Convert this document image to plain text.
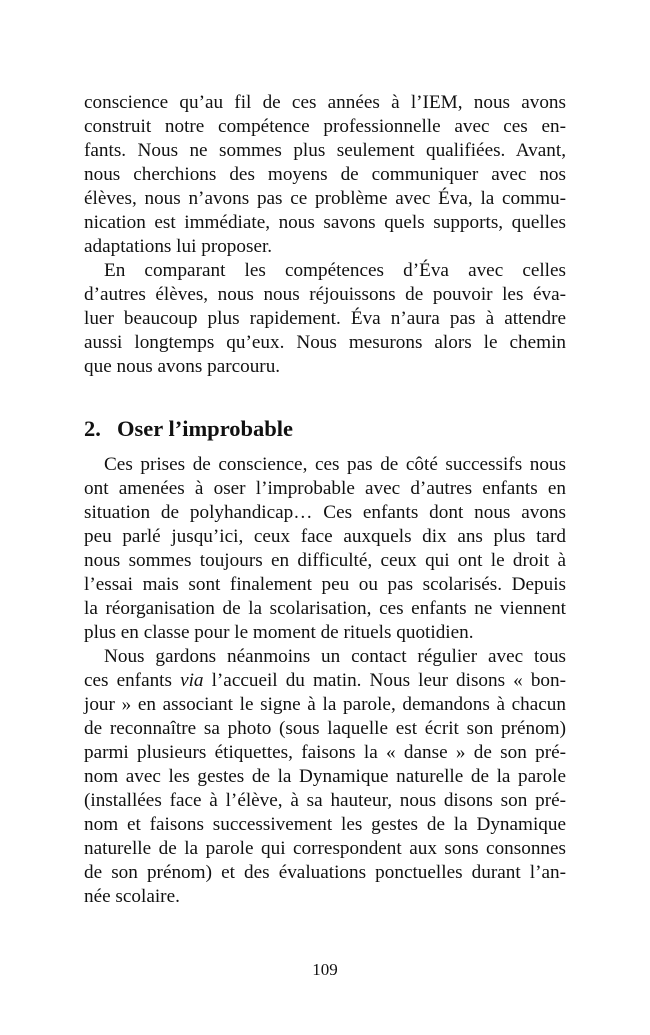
conscience qu’au fil de ces années à l’IEM, nous avons
construit notre compétence professionnelle avec ces en-
fants. Nous ne sommes plus seulement qualifiées. Avant,
nous cherchions des moyens de communiquer avec nos
élèves, nous n’avons pas ce problème avec Éva, la commu-
nication est immédiate, nous savons quels supports, quelles
adaptations lui proposer.
En comparant les compétences d’Éva avec celles
d’autres élèves, nous nous réjouissons de pouvoir les éva-
luer beaucoup plus rapidement. Éva n’aura pas à attendre
aussi longtemps qu’eux. Nous mesurons alors le chemin
que nous avons parcouru.
2. Oser l’improbable
Ces prises de conscience, ces pas de côté successifs nous
ont amenées à oser l’improbable avec d’autres enfants en
situation de polyhandicap… Ces enfants dont nous avons
peu parlé jusqu’ici, ceux face auxquels dix ans plus tard
nous sommes toujours en difficulté, ceux qui ont le droit à
l’essai mais sont finalement peu ou pas scolarisés. Depuis
la réorganisation de la scolarisation, ces enfants ne viennent
plus en classe pour le moment de rituels quotidien.
Nous gardons néanmoins un contact régulier avec tous
ces enfants via l’accueil du matin. Nous leur disons « bon-
jour » en associant le signe à la parole, demandons à chacun
de reconnaître sa photo (sous laquelle est écrit son prénom)
parmi plusieurs étiquettes, faisons la « danse » de son pré-
nom avec les gestes de la Dynamique naturelle de la parole
(installées face à l’élève, à sa hauteur, nous disons son pré-
nom et faisons successivement les gestes de la Dynamique
naturelle de la parole qui correspondent aux sons consonnes
de son prénom) et des évaluations ponctuelles durant l’an-
née scolaire.
109
